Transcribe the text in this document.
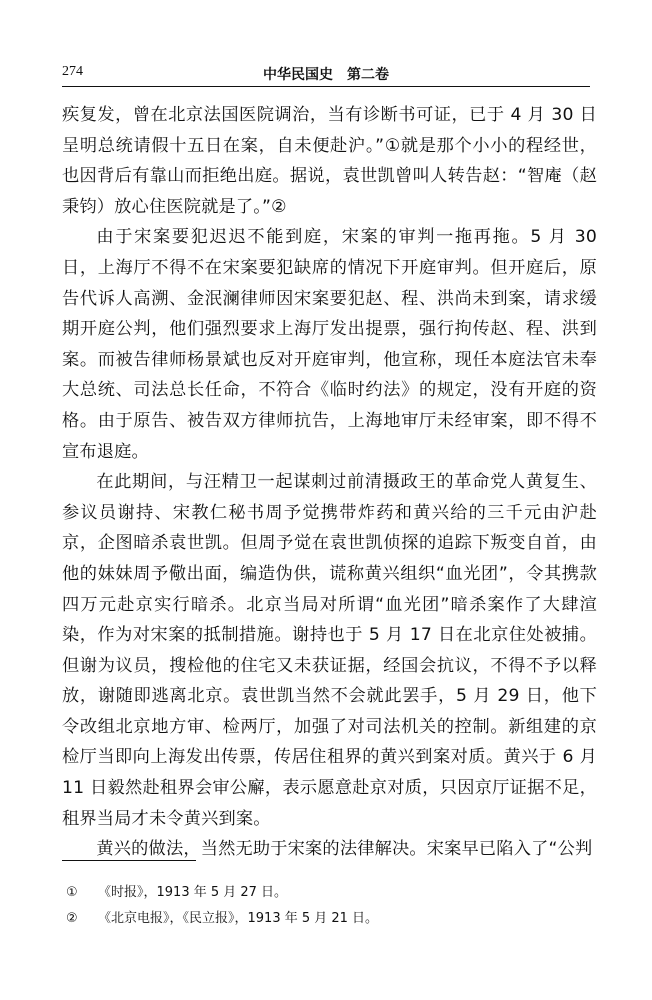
274	中华民国史　第二卷

疾复发，曾在北京法国医院调治，当有诊断书可证，已于 4 月 30 日呈明总统请假十五日在案，自未便赴沪。”①就是那个小小的程经世，也因背后有靠山而拒绝出庭。据说，袁世凯曾叫人转告赵：“智庵（赵秉钧）放心住医院就是了。”②

由于宋案要犯迟迟不能到庭，宋案的审判一拖再拖。5 月 30 日，上海厅不得不在宋案要犯缺席的情况下开庭审判。但开庭后，原告代诉人高溯、金泯澜律师因宋案要犯赵、程、洪尚未到案，请求缓期开庭公判，他们强烈要求上海厅发出提票，强行拘传赵、程、洪到案。而被告律师杨景斌也反对开庭审判，他宣称，现任本庭法官未奉大总统、司法总长任命，不符合《临时约法》的规定，没有开庭的资格。由于原告、被告双方律师抗告，上海地审厅未经审案，即不得不宣布退庭。

在此期间，与汪精卫一起谋刺过前清摄政王的革命党人黄复生、参议员谢持、宋教仁秘书周予觉携带炸药和黄兴给的三千元由沪赴京，企图暗杀袁世凯。但周予觉在袁世凯侦探的追踪下叛变自首，由他的妹妹周予儆出面，编造伪供，谎称黄兴组织“血光团”，令其携款四万元赴京实行暗杀。北京当局对所谓“血光团”暗杀案作了大肆渲染，作为对宋案的抵制措施。谢持也于 5 月 17 日在北京住处被捕。但谢为议员，搜检他的住宅又未获证据，经国会抗议，不得不予以释放，谢随即逃离北京。袁世凯当然不会就此罢手，5 月 29 日，他下令改组北京地方审、检两厅，加强了对司法机关的控制。新组建的京检厅当即向上海发出传票，传居住租界的黄兴到案对质。黄兴于 6 月 11 日毅然赴租界会审公廨，表示愿意赴京对质，只因京厅证据不足，租界当局才未令黄兴到案。

黄兴的做法，当然无助于宋案的法律解决。宋案早已陷入了“公判

① 《时报》，1913 年 5 月 27 日。
② 《北京电报》，《民立报》，1913 年 5 月 21 日。
